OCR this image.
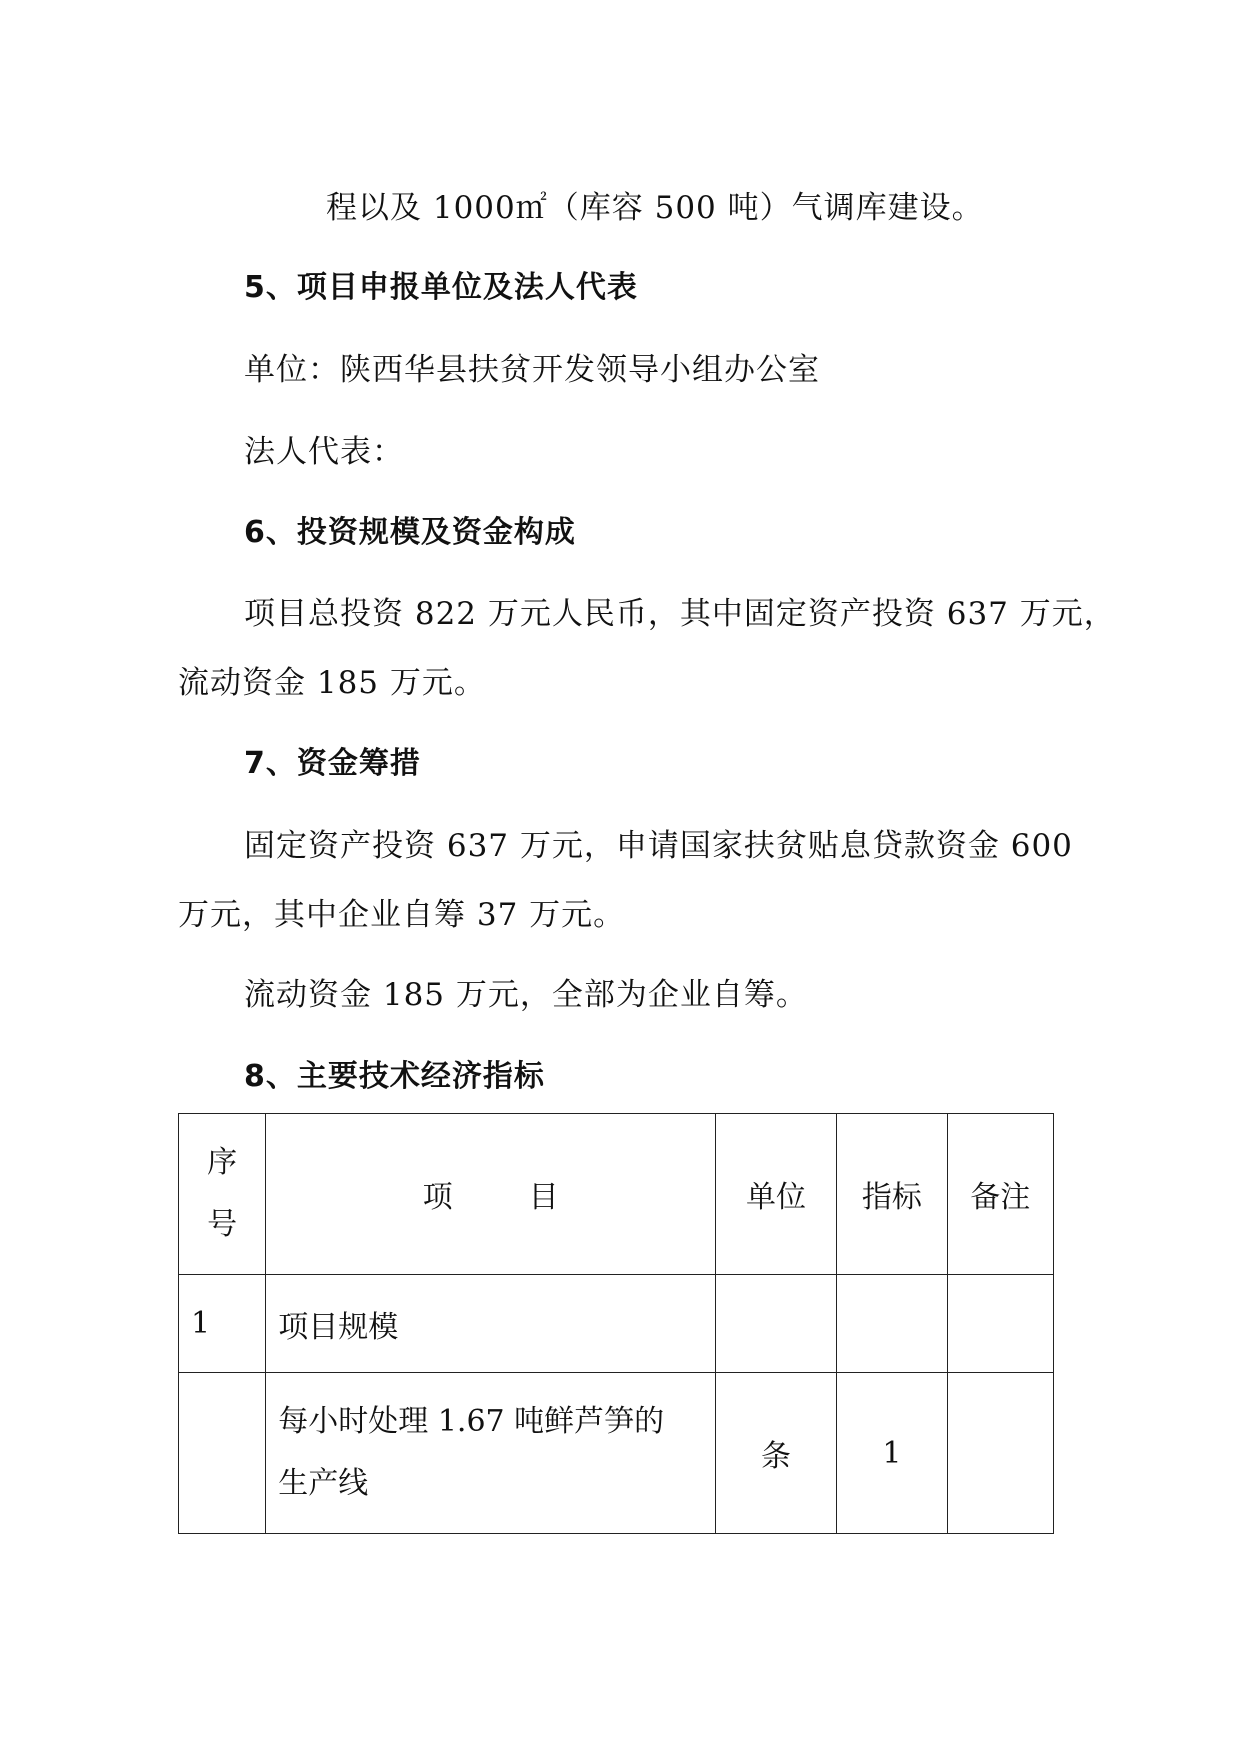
程以及 1000㎡（库容 500 吨）气调库建设。
5、项目申报单位及法人代表
单位：陕西华县扶贫开发领导小组办公室
法人代表：
6、投资规模及资金构成
项目总投资 822 万元人民币，其中固定资产投资 637 万元，
流动资金 185 万元。
7、资金筹措
固定资产投资 637 万元，申请国家扶贫贴息贷款资金 600
万元，其中企业自筹 37 万元。
流动资金 185 万元，全部为企业自筹。
8、主要技术经济指标
序
号	项 目	单位	指标	备注
1	项目规模			

	每小时处理 1.67 吨鲜芦笋的
生产线	条	1	
